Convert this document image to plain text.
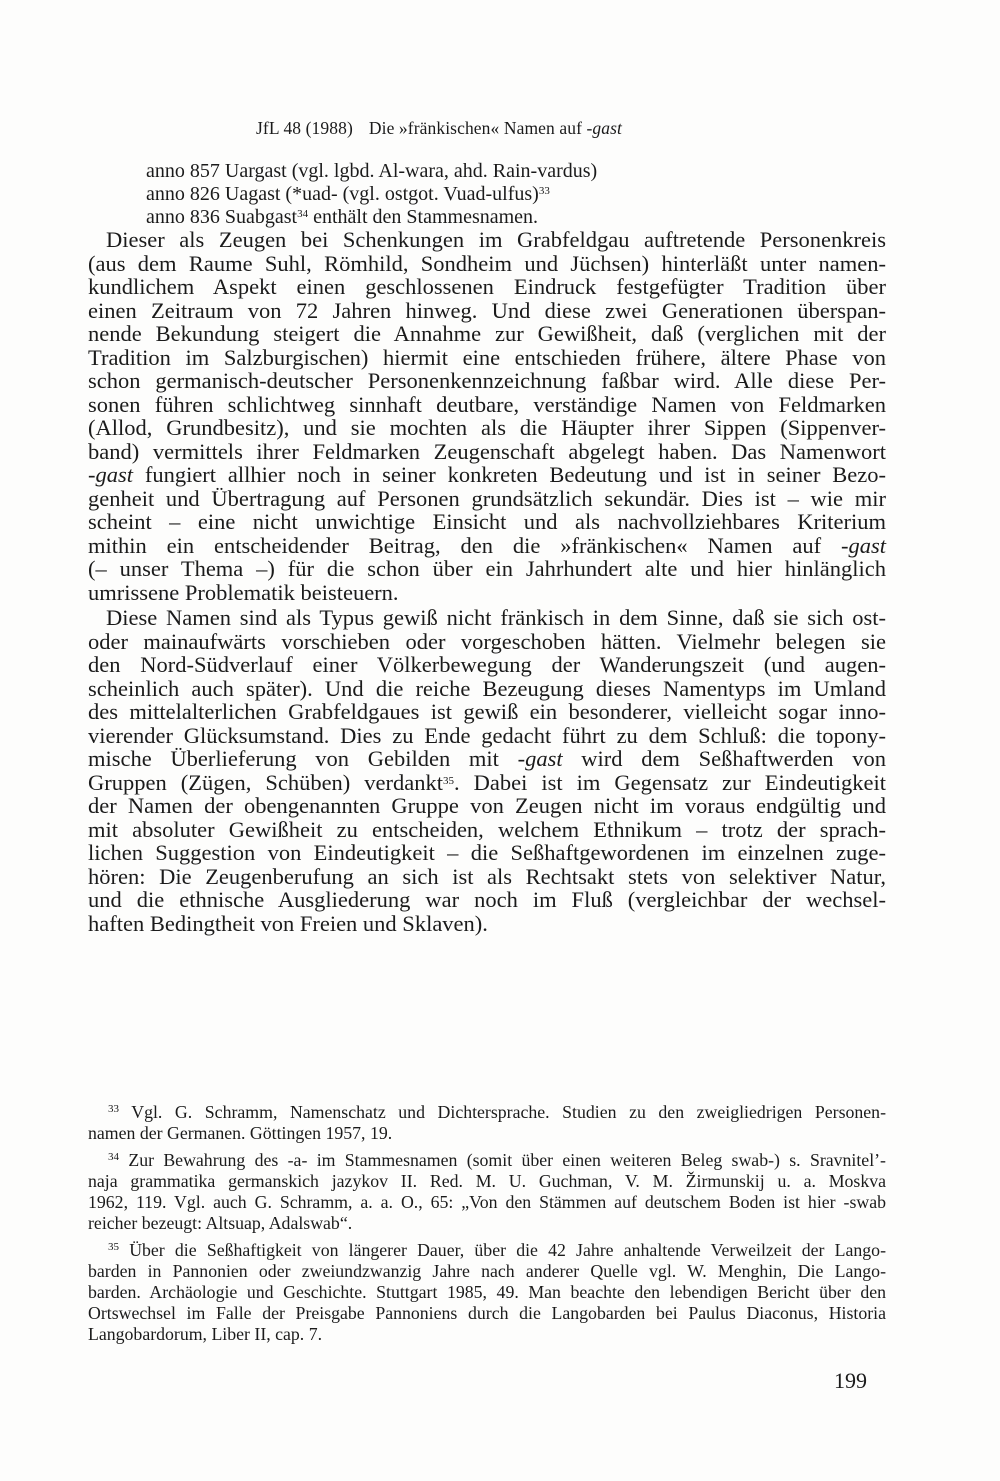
JfL 48 (1988) Die »fränkischen« Namen auf -gast
anno 857 Uargast (vgl. lgbd. Al-wara, ahd. Rain-vardus)
anno 826 Uagast (*uad- (vgl. ostgot. Vuad-ulfus)$^{33}$
anno 836 Suabgast$^{34}$ enthält den Stammesnamen.
Dieser als Zeugen bei Schenkungen im Grabfeldgau auftretende Personenkreis
(aus dem Raume Suhl, Römhild, Sondheim und Jüchsen) hinterläßt unter namen-
kundlichem Aspekt einen geschlossenen Eindruck festgefügter Tradition über
einen Zeitraum von 72 Jahren hinweg. Und diese zwei Generationen überspan-
nende Bekundung steigert die Annahme zur Gewißheit, daß (verglichen mit der
Tradition im Salzburgischen) hiermit eine entschieden frühere, ältere Phase von
schon germanisch-deutscher Personenkennzeichnung faßbar wird. Alle diese Per-
sonen führen schlichtweg sinnhaft deutbare, verständige Namen von Feldmarken
(Allod, Grundbesitz), und sie mochten als die Häupter ihrer Sippen (Sippenver-
band) vermittels ihrer Feldmarken Zeugenschaft abgelegt haben. Das Namenwort
-gast fungiert allhier noch in seiner konkreten Bedeutung und ist in seiner Bezo-
genheit und Übertragung auf Personen grundsätzlich sekundär. Dies ist – wie mir
scheint – eine nicht unwichtige Einsicht und als nachvollziehbares Kriterium
mithin ein entscheidender Beitrag, den die »fränkischen« Namen auf -gast
(– unser Thema –) für die schon über ein Jahrhundert alte und hier hinlänglich
umrissene Problematik beisteuern.
Diese Namen sind als Typus gewiß nicht fränkisch in dem Sinne, daß sie sich ost-
oder mainaufwärts vorschieben oder vorgeschoben hätten. Vielmehr belegen sie
den Nord-Südverlauf einer Völkerbewegung der Wanderungszeit (und augen-
scheinlich auch später). Und die reiche Bezeugung dieses Namentyps im Umland
des mittelalterlichen Grabfeldgaues ist gewiß ein besonderer, vielleicht sogar inno-
vierender Glücksumstand. Dies zu Ende gedacht führt zu dem Schluß: die topony-
mische Überlieferung von Gebilden mit -gast wird dem Seßhaftwerden von
Gruppen (Zügen, Schüben) verdankt$^{35}$. Dabei ist im Gegensatz zur Eindeutigkeit
der Namen der obengenannten Gruppe von Zeugen nicht im voraus endgültig und
mit absoluter Gewißheit zu entscheiden, welchem Ethnikum – trotz der sprach-
lichen Suggestion von Eindeutigkeit – die Seßhaftgewordenen im einzelnen zuge-
hören: Die Zeugenberufung an sich ist als Rechtsakt stets von selektiver Natur,
und die ethnische Ausgliederung war noch im Fluß (vergleichbar der wechsel-
haften Bedingtheit von Freien und Sklaven).
$^{33}$ Vgl. G. Schramm, Namenschatz und Dichtersprache. Studien zu den zweigliedrigen Personen-
namen der Germanen. Göttingen 1957, 19.
$^{34}$ Zur Bewahrung des -a- im Stammesnamen (somit über einen weiteren Beleg swab-) s. Sravnitel’-
naja grammatika germanskich jazykov II. Red. M. U. Guchman, V. M. Žirmunskij u. a. Moskva
1962, 119. Vgl. auch G. Schramm, a. a. O., 65: „Von den Stämmen auf deutschem Boden ist hier -swab
reicher bezeugt: Altsuap, Adalswab“.
$^{35}$ Über die Seßhaftigkeit von längerer Dauer, über die 42 Jahre anhaltende Verweilzeit der Lango-
barden in Pannonien oder zweiundzwanzig Jahre nach anderer Quelle vgl. W. Menghin, Die Lango-
barden. Archäologie und Geschichte. Stuttgart 1985, 49. Man beachte den lebendigen Bericht über den
Ortswechsel im Falle der Preisgabe Pannoniens durch die Langobarden bei Paulus Diaconus, Historia
Langobardorum, Liber II, cap. 7.
199
